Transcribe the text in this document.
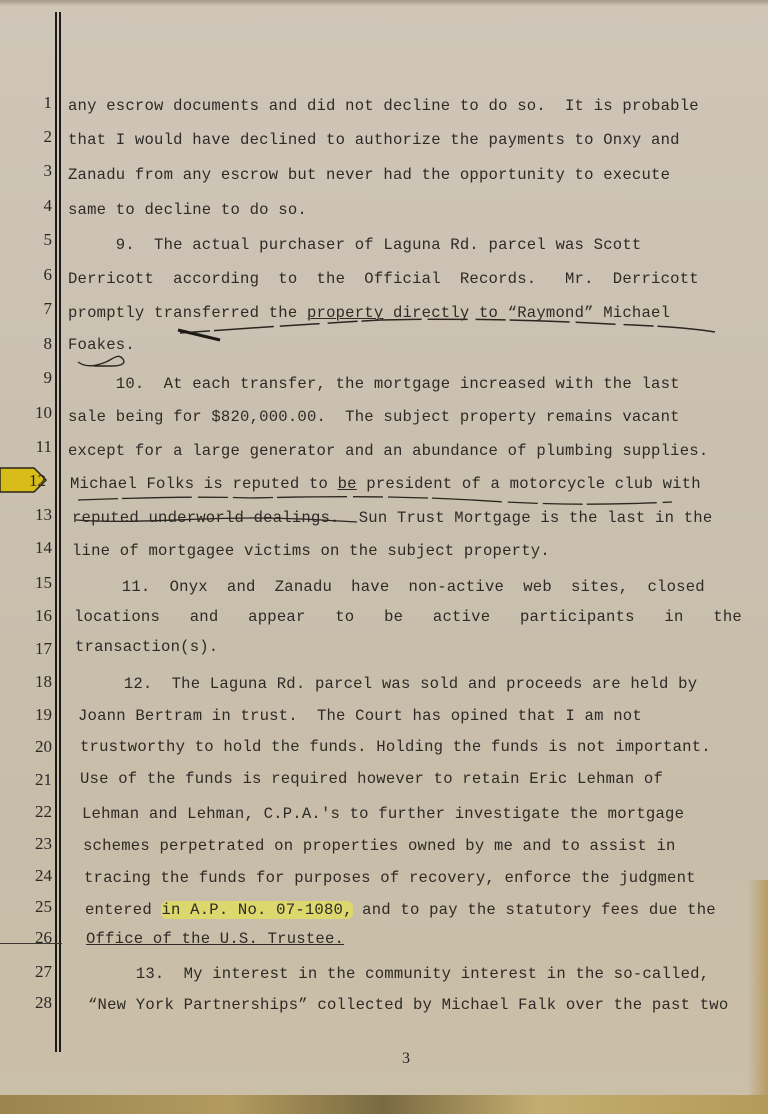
1
2
3
4
5
6
7
8
9
10
11
12
13
14
15
16
17
18
19
20
21
22
23
24
25
26
27
28
any escrow documents and did not decline to do so.  It is probable
that I would have declined to authorize the payments to Onxy and
Zanadu from any escrow but never had the opportunity to execute
same to decline to do so.
9.  The actual purchaser of Laguna Rd. parcel was Scott
Derricott  according  to  the  Official  Records.   Mr.  Derricott
promptly transferred the property directly to “Raymond” Michael
Foakes.
10.  At each transfer, the mortgage increased with the last
sale being for $820,000.00.  The subject property remains vacant
except for a large generator and an abundance of plumbing supplies.
Michael Folks is reputed to be president of a motorcycle club with
reputed underworld dealings.  Sun Trust Mortgage is the last in the
line of mortgagee victims on the subject property.
11.  Onyx  and  Zanadu  have  non-active  web  sites,  closed
locations and appear to be active participants in the
transaction(s).
12.  The Laguna Rd. parcel was sold and proceeds are held by
Joann Bertram in trust.  The Court has opined that I am not
trustworthy to hold the funds. Holding the funds is not important.
Use of the funds is required however to retain Eric Lehman of
Lehman and Lehman, C.P.A.'s to further investigate the mortgage
schemes perpetrated on properties owned by me and to assist in
tracing the funds for purposes of recovery, enforce the judgment
entered in A.P. No. 07-1080, and to pay the statutory fees due the
Office of the U.S. Trustee.
13.  My interest in the community interest in the so-called,
“New York Partnerships” collected by Michael Falk over the past two
3
